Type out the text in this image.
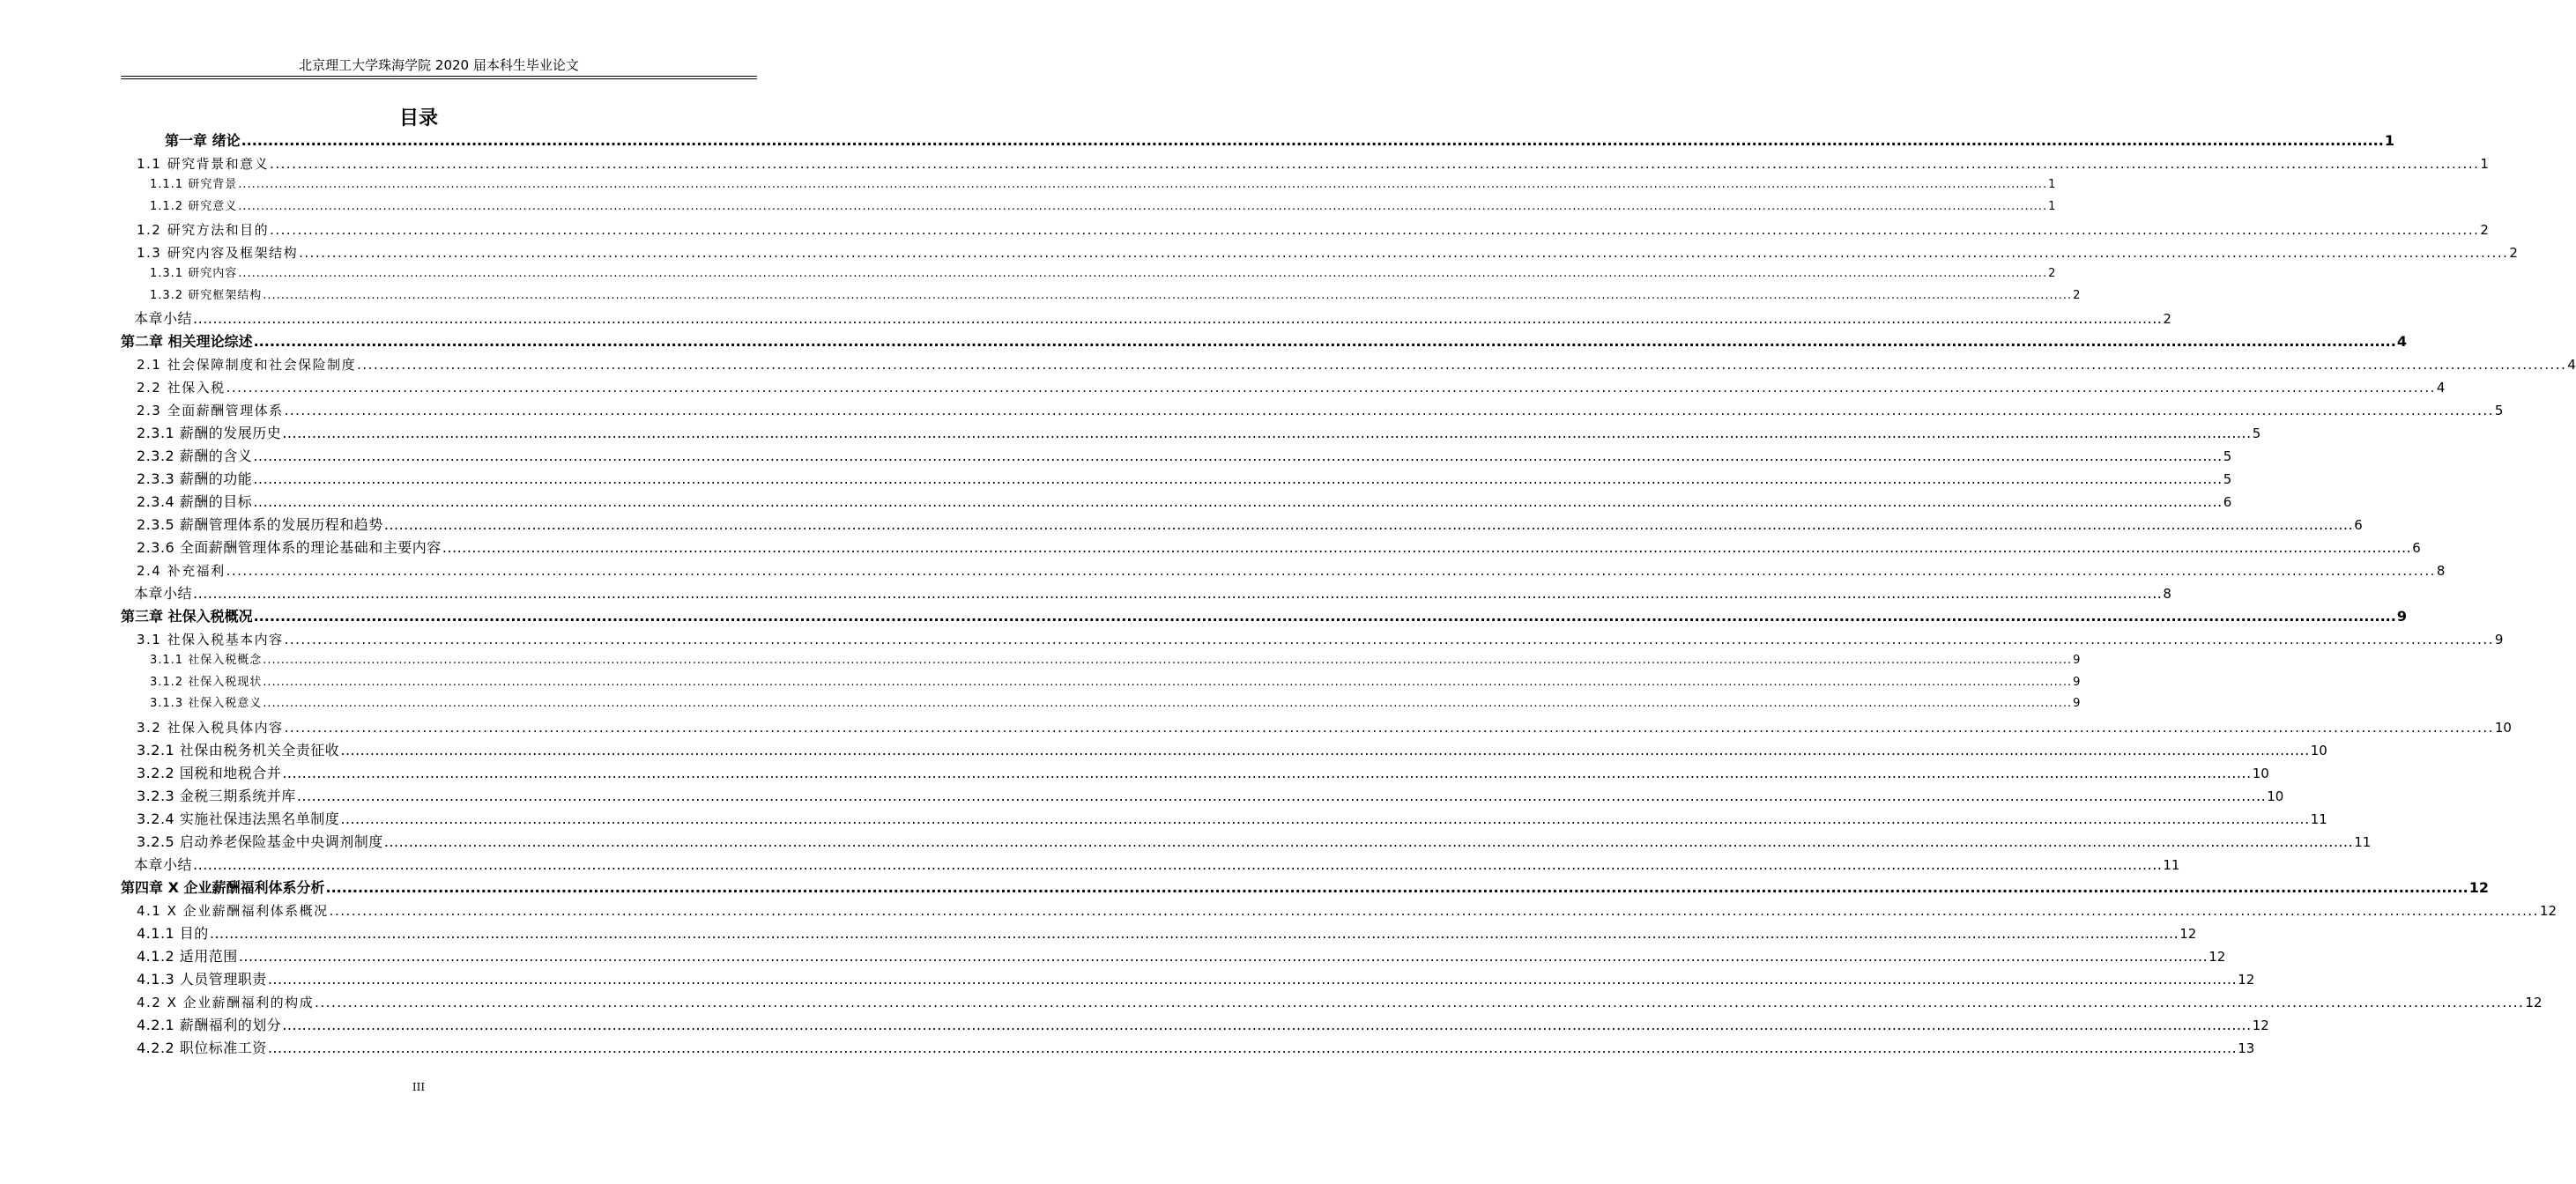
北京理工大学珠海学院 2020 届本科生毕业论文
目录
第一章 绪论 ................................................................................................................................................................................................................................................................................................................................................................................................................ 1
1.1 研究背景和意义 ................................................................................................................................................................................................................................................................................................................................................................................................................ 1
1.1.1 研究背景 ................................................................................................................................................................................................................................................................................................................................................................................................................ 1
1.1.2 研究意义 ................................................................................................................................................................................................................................................................................................................................................................................................................ 1
1.2 研究方法和目的 ................................................................................................................................................................................................................................................................................................................................................................................................................ 2
1.3 研究内容及框架结构 ................................................................................................................................................................................................................................................................................................................................................................................................................ 2
1.3.1 研究内容 ................................................................................................................................................................................................................................................................................................................................................................................................................ 2
1.3.2 研究框架结构 ................................................................................................................................................................................................................................................................................................................................................................................................................ 2
本章小结 ................................................................................................................................................................................................................................................................................................................................................................................................................ 2
第二章 相关理论综述 ................................................................................................................................................................................................................................................................................................................................................................................................................ 4
2.1 社会保障制度和社会保险制度 ................................................................................................................................................................................................................................................................................................................................................................................................................ 4
2.2 社保入税 ................................................................................................................................................................................................................................................................................................................................................................................................................ 4
2.3 全面薪酬管理体系 ................................................................................................................................................................................................................................................................................................................................................................................................................ 5
2.3.1 薪酬的发展历史 ................................................................................................................................................................................................................................................................................................................................................................................................................ 5
2.3.2 薪酬的含义 ................................................................................................................................................................................................................................................................................................................................................................................................................ 5
2.3.3 薪酬的功能 ................................................................................................................................................................................................................................................................................................................................................................................................................ 5
2.3.4 薪酬的目标 ................................................................................................................................................................................................................................................................................................................................................................................................................ 6
2.3.5 薪酬管理体系的发展历程和趋势 ................................................................................................................................................................................................................................................................................................................................................................................................................ 6
2.3.6 全面薪酬管理体系的理论基础和主要内容 ................................................................................................................................................................................................................................................................................................................................................................................................................ 6
2.4 补充福利 ................................................................................................................................................................................................................................................................................................................................................................................................................ 8
本章小结 ................................................................................................................................................................................................................................................................................................................................................................................................................ 8
第三章 社保入税概况 ................................................................................................................................................................................................................................................................................................................................................................................................................ 9
3.1 社保入税基本内容 ................................................................................................................................................................................................................................................................................................................................................................................................................ 9
3.1.1 社保入税概念 ................................................................................................................................................................................................................................................................................................................................................................................................................ 9
3.1.2 社保入税现状 ................................................................................................................................................................................................................................................................................................................................................................................................................ 9
3.1.3 社保入税意义 ................................................................................................................................................................................................................................................................................................................................................................................................................ 9
3.2 社保入税具体内容 ................................................................................................................................................................................................................................................................................................................................................................................................................ 10
3.2.1 社保由税务机关全责征收 ................................................................................................................................................................................................................................................................................................................................................................................................................ 10
3.2.2 国税和地税合并 ................................................................................................................................................................................................................................................................................................................................................................................................................ 10
3.2.3 金税三期系统并库 ................................................................................................................................................................................................................................................................................................................................................................................................................ 10
3.2.4 实施社保违法黑名单制度 ................................................................................................................................................................................................................................................................................................................................................................................................................ 11
3.2.5 启动养老保险基金中央调剂制度 ................................................................................................................................................................................................................................................................................................................................................................................................................ 11
本章小结 ................................................................................................................................................................................................................................................................................................................................................................................................................ 11
第四章 X 企业薪酬福利体系分析 ................................................................................................................................................................................................................................................................................................................................................................................................................ 12
4.1 X 企业薪酬福利体系概况 ................................................................................................................................................................................................................................................................................................................................................................................................................ 12
4.1.1 目的 ................................................................................................................................................................................................................................................................................................................................................................................................................ 12
4.1.2 适用范围 ................................................................................................................................................................................................................................................................................................................................................................................................................ 12
4.1.3 人员管理职责 ................................................................................................................................................................................................................................................................................................................................................................................................................ 12
4.2 X 企业薪酬福利的构成 ................................................................................................................................................................................................................................................................................................................................................................................................................ 12
4.2.1 薪酬福利的划分 ................................................................................................................................................................................................................................................................................................................................................................................................................ 12
4.2.2 职位标准工资 ................................................................................................................................................................................................................................................................................................................................................................................................................ 13
III
